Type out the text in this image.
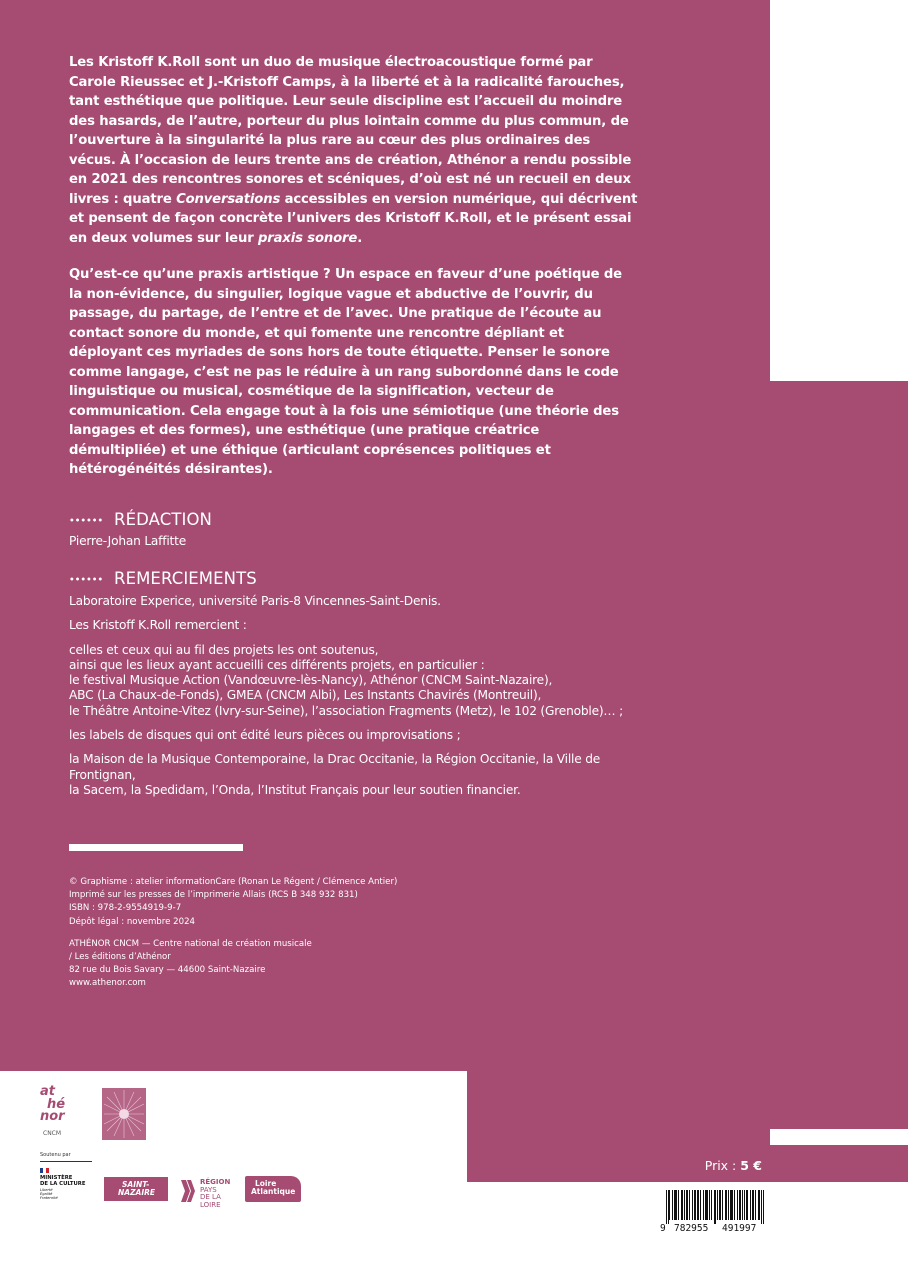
Les Kristoff K.Roll sont un duo de musique électroacoustique formé par Carole Rieussec et J.-Kristoff Camps, à la liberté et à la radicalité farouches, tant esthétique que politique. Leur seule discipline est l’accueil du moindre des hasards, de l’autre, porteur du plus lointain comme du plus commun, de l’ouverture à la singularité la plus rare au cœur des plus ordinaires des vécus. À l’occasion de leurs trente ans de création, Athénor a rendu possible en 2021 des rencontres sonores et scéniques, d’où est né un recueil en deux livres : quatre Conversations accessibles en version numérique, qui décrivent et pensent de façon concrète l’univers des Kristoff K.Roll, et le présent essai en deux volumes sur leur praxis sonore.

Qu’est-ce qu’une praxis artistique ? Un espace en faveur d’une poétique de la non-évidence, du singulier, logique vague et abductive de l’ouvrir, du passage, du partage, de l’entre et de l’avec. Une pratique de l’écoute au contact sonore du monde, et qui fomente une rencontre dépliant et déployant ces myriades de sons hors de toute étiquette. Penser le sonore comme langage, c’est ne pas le réduire à un rang subordonné dans le code linguistique ou musical, cosmétique de la signification, vecteur de communication. Cela engage tout à la fois une sémiotique (une théorie des langages et des formes), une esthétique (une pratique créatrice démultipliée) et une éthique (articulant coprésences politiques et hétérogénéités désirantes).

RÉDACTION
Pierre-Johan Laffitte
REMERCIEMENTS

Laboratoire Experice, université Paris-8 Vincennes-Saint-Denis.

Les Kristoff K.Roll remercient :

celles et ceux qui au fil des projets les ont soutenus,
ainsi que les lieux ayant accueilli ces différents projets, en particulier :
le festival Musique Action (Vandœuvre-lès-Nancy), Athénor (CNCM Saint-Nazaire),
ABC (La Chaux-de-Fonds), GMEA (CNCM Albi), Les Instants Chavirés (Montreuil),
le Théâtre Antoine-Vitez (Ivry-sur-Seine), l’association Fragments (Metz), le 102 (Grenoble)… ;

les labels de disques qui ont édité leurs pièces ou improvisations ;

la Maison de la Musique Contemporaine, la Drac Occitanie, la Région Occitanie, la Ville de Frontignan,
la Sacem, la Spedidam, l’Onda, l’Institut Français pour leur soutien financier.

© Graphisme : atelier informationCare (Ronan Le Régent / Clémence Antier)
Imprimé sur les presses de l’imprimerie Allais (RCS B 348 932 831)
ISBN : 978-2-9554919-9-7
Dépôt légal : novembre 2024

ATHÉNOR CNCM — Centre national de création musicale
/ Les éditions d’Athénor
82 rue du Bois Savary — 44600 Saint-Nazaire
www.athenor.com

at
hé
nor
CNCM
Soutenu par
MINISTÈRE
DE LA CULTURE
Liberté
Égalité
Fraternité
SAINT-
NAZAIRE
RÉGION
PAYS
DE LA LOIRE
Loire
Atlantique
Prix : 5 €
9 782955 491997
